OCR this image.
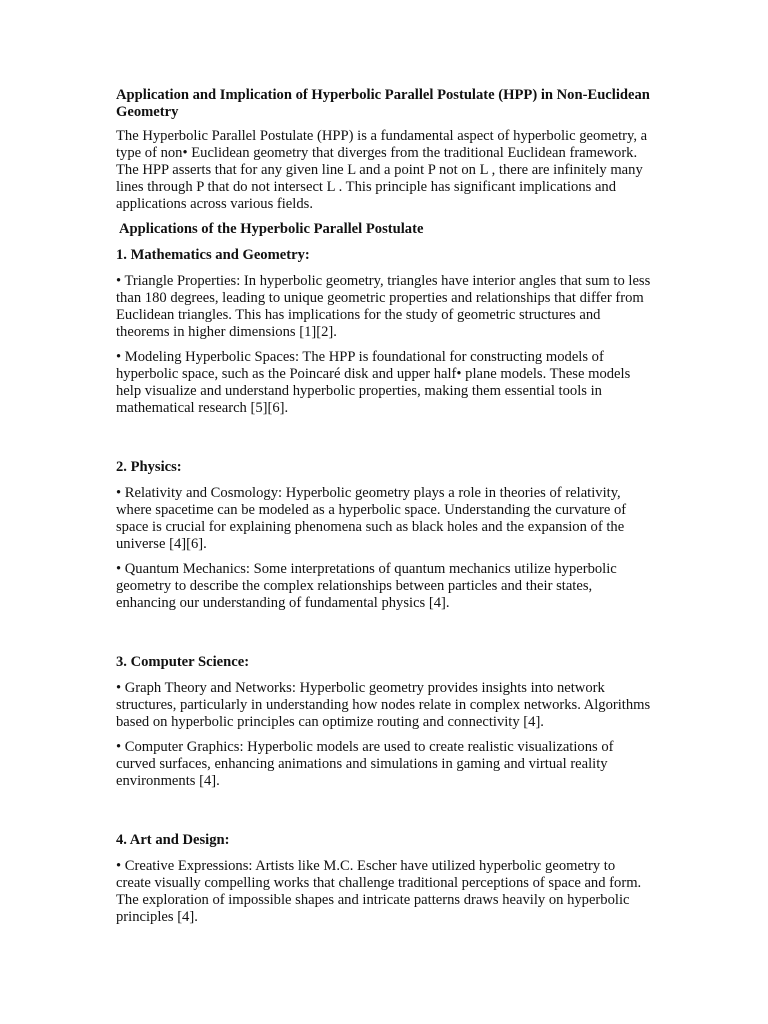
Application and Implication of Hyperbolic Parallel Postulate (HPP) in Non-Euclidean Geometry

The Hyperbolic Parallel Postulate (HPP) is a fundamental aspect of hyperbolic geometry, a type of non• Euclidean geometry that diverges from the traditional Euclidean framework. The HPP asserts that for any given line L and a point P not on L , there are infinitely many lines through P that do not intersect L . This principle has significant implications and applications across various fields.

Applications of the Hyperbolic Parallel Postulate
1. Mathematics and Geometry:

• Triangle Properties: In hyperbolic geometry, triangles have interior angles that sum to less than 180 degrees, leading to unique geometric properties and relationships that differ from Euclidean triangles. This has implications for the study of geometric structures and theorems in higher dimensions [1][2].

• Modeling Hyperbolic Spaces: The HPP is foundational for constructing models of hyperbolic space, such as the Poincaré disk and upper half• plane models. These models help visualize and understand hyperbolic properties, making them essential tools in mathematical research [5][6].

2. Physics:

• Relativity and Cosmology: Hyperbolic geometry plays a role in theories of relativity, where spacetime can be modeled as a hyperbolic space. Understanding the curvature of space is crucial for explaining phenomena such as black holes and the expansion of the universe [4][6].

• Quantum Mechanics: Some interpretations of quantum mechanics utilize hyperbolic geometry to describe the complex relationships between particles and their states, enhancing our understanding of fundamental physics [4].

3. Computer Science:

• Graph Theory and Networks: Hyperbolic geometry provides insights into network structures, particularly in understanding how nodes relate in complex networks. Algorithms based on hyperbolic principles can optimize routing and connectivity [4].

• Computer Graphics: Hyperbolic models are used to create realistic visualizations of curved surfaces, enhancing animations and simulations in gaming and virtual reality environments [4].

4. Art and Design:

• Creative Expressions: Artists like M.C. Escher have utilized hyperbolic geometry to create visually compelling works that challenge traditional perceptions of space and form. The exploration of impossible shapes and intricate patterns draws heavily on hyperbolic principles [4].
